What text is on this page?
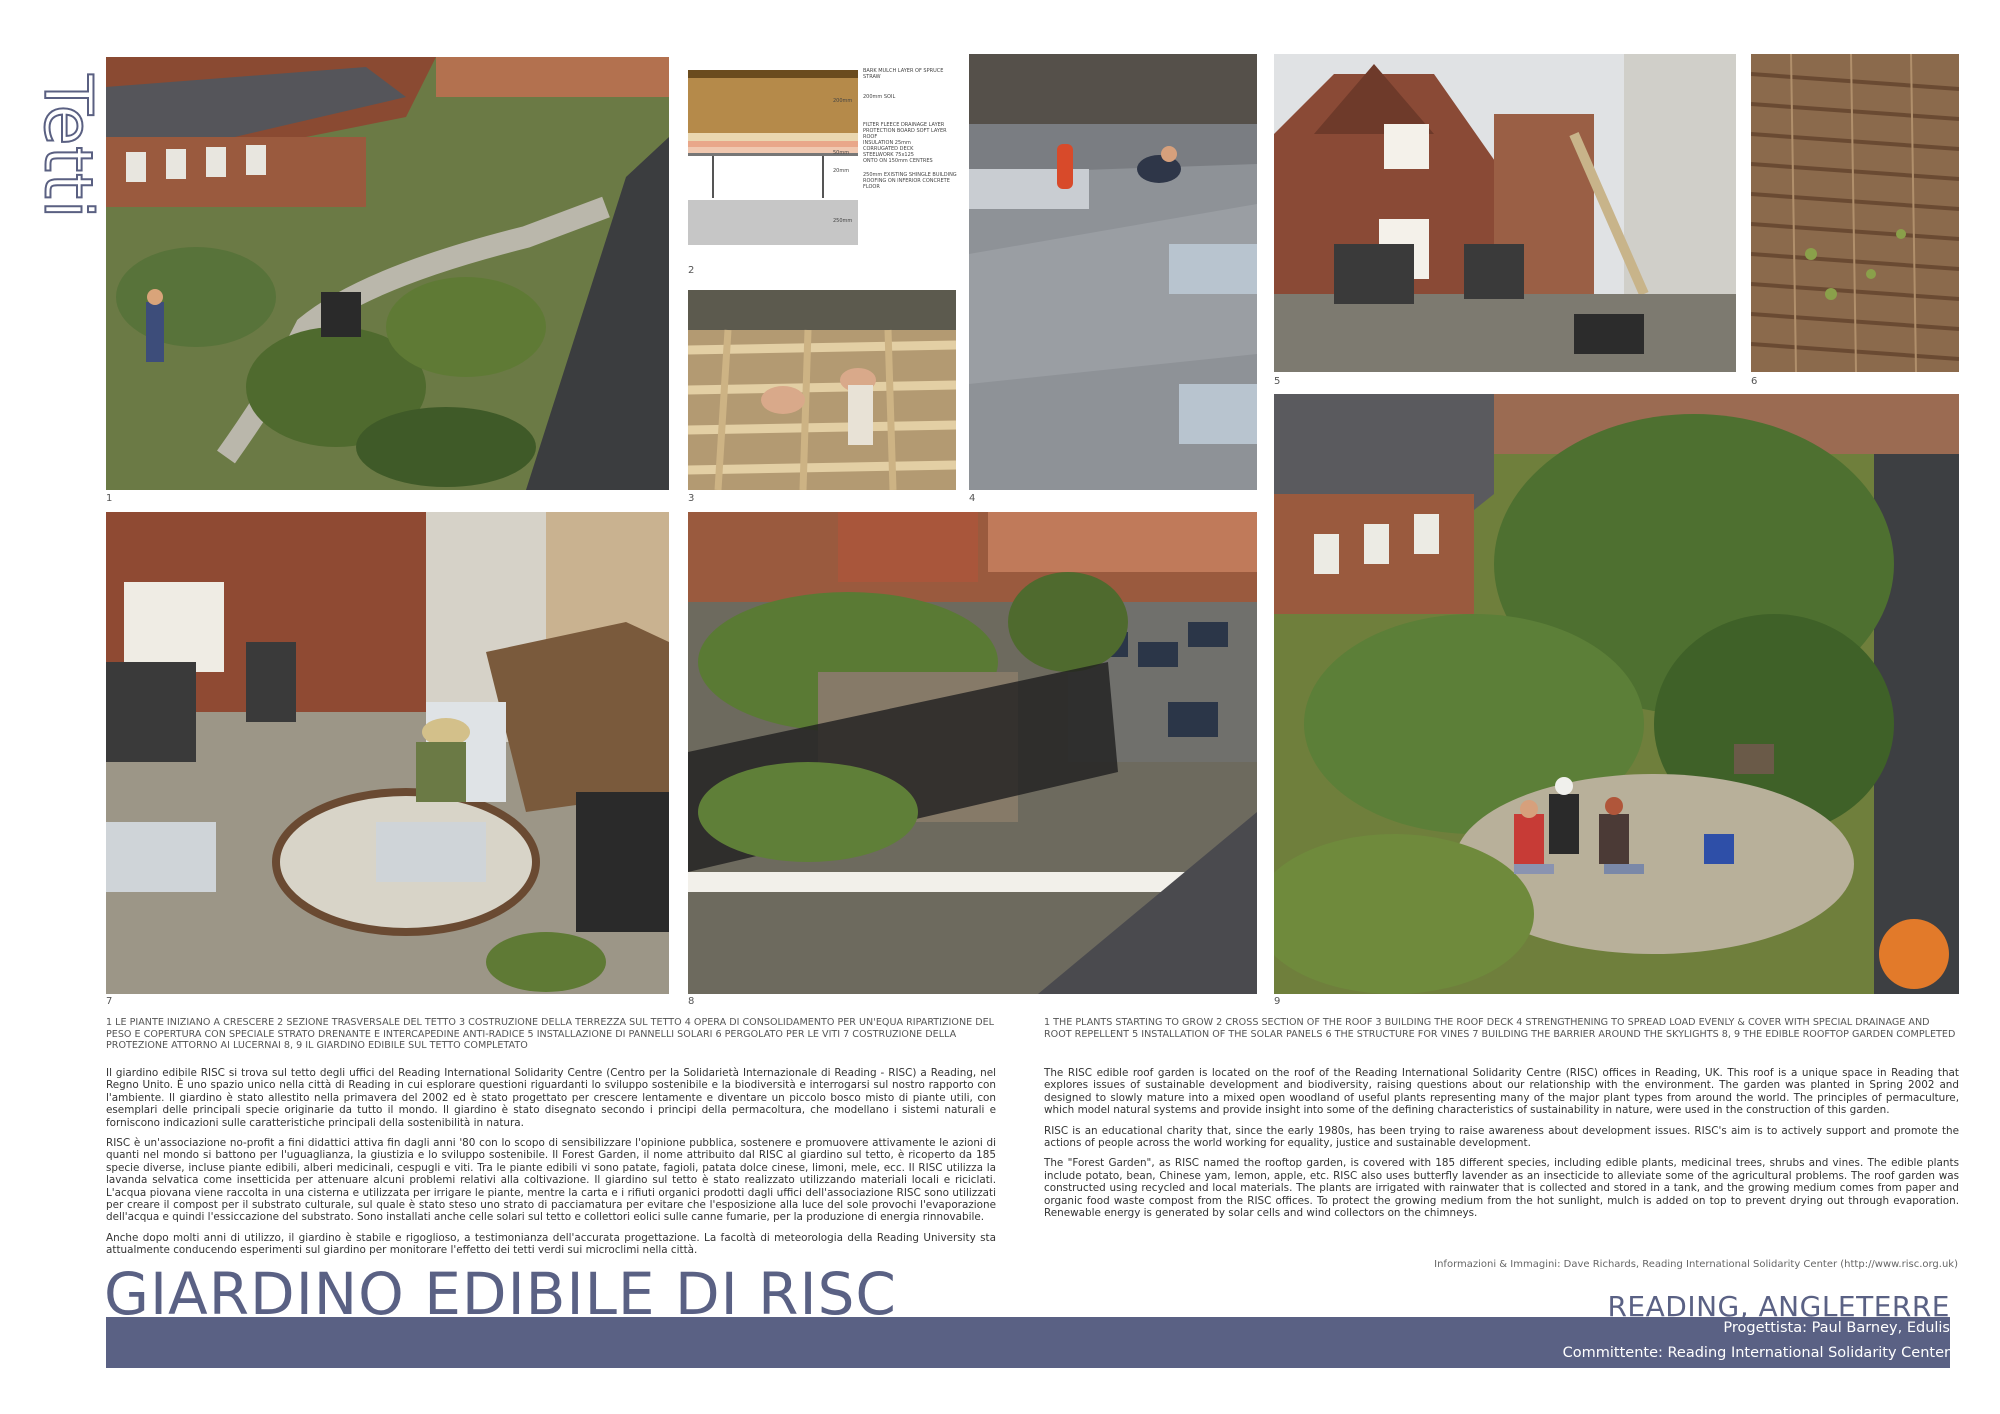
Tetti
1
BARK MULCH LAYER OF SPRUCE STRAW
200mm SOIL
FILTER FLEECE DRAINAGE LAYER
PROTECTION BOARD SOFT LAYER ROOF
INSULATION 25mm
CORRUGATED DECK
STEELWORK 75x125
ONTO ON 150mm CENTRES
250mm EXISTING SHINGLE BUILDING ROOFING ON INFERIOR CONCRETE FLOOR
200mm
50mm
20mm
250mm
2
3	4
5	6
7	8	9
1 LE PIANTE INIZIANO A CRESCERE 2 SEZIONE TRASVERSALE DEL TETTO 3 COSTRUZIONE DELLA TERREZZA SUL TETTO 4 OPERA DI CONSOLIDAMENTO PER UN'EQUA RIPARTIZIONE DEL PESO E COPERTURA CON SPECIALE STRATO DRENANTE E INTERCAPEDINE ANTI-RADICE 5 INSTALLAZIONE DI PANNELLI SOLARI 6 PERGOLATO PER LE VITI 7 COSTRUZIONE DELLA PROTEZIONE ATTORNO AI LUCERNAI 8, 9 IL GIARDINO EDIBILE SUL TETTO COMPLETATO
1 THE PLANTS STARTING TO GROW 2 CROSS SECTION OF THE ROOF 3 BUILDING THE ROOF DECK 4 STRENGTHENING TO SPREAD LOAD EVENLY & COVER WITH SPECIAL DRAINAGE AND ROOT REPELLENT 5 INSTALLATION OF THE SOLAR PANELS 6 THE STRUCTURE FOR VINES 7 BUILDING THE BARRIER AROUND THE SKYLIGHTS 8, 9 THE EDIBLE ROOFTOP GARDEN COMPLETED

Il giardino edibile RISC si trova sul tetto degli uffici del Reading International Solidarity Centre (Centro per la Solidarietà Internazionale di Reading - RISC) a Reading, nel Regno Unito. È uno spazio unico nella città di Reading in cui esplorare questioni riguardanti lo sviluppo sostenibile e la biodiversità e interrogarsi sul nostro rapporto con l'ambiente. Il giardino è stato allestito nella primavera del 2002 ed è stato progettato per crescere lentamente e diventare un piccolo bosco misto di piante utili, con esemplari delle principali specie originarie da tutto il mondo. Il giardino è stato disegnato secondo i principi della permacoltura, che modellano i sistemi naturali e forniscono indicazioni sulle caratteristiche principali della sostenibilità in natura.

RISC è un'associazione no-profit a fini didattici attiva fin dagli anni '80 con lo scopo di sensibilizzare l'opinione pubblica, sostenere e promuovere attivamente le azioni di quanti nel mondo si battono per l'uguaglianza, la giustizia e lo sviluppo sostenibile. Il Forest Garden, il nome attribuito dal RISC al giardino sul tetto, è ricoperto da 185 specie diverse, incluse piante edibili, alberi medicinali, cespugli e viti. Tra le piante edibili vi sono patate, fagioli, patata dolce cinese, limoni, mele, ecc. Il RISC utilizza la lavanda selvatica come insetticida per attenuare alcuni problemi relativi alla coltivazione. Il giardino sul tetto è stato realizzato utilizzando materiali locali e riciclati. L'acqua piovana viene raccolta in una cisterna e utilizzata per irrigare le piante, mentre la carta e i rifiuti organici prodotti dagli uffici dell'associazione RISC sono utilizzati per creare il compost per il substrato culturale, sul quale è stato steso uno strato di pacciamatura per evitare che l'esposizione alla luce del sole provochi l'evaporazione dell'acqua e quindi l'essiccazione del substrato. Sono installati anche celle solari sul tetto e collettori eolici sulle canne fumarie, per la produzione di energia rinnovabile.

Anche dopo molti anni di utilizzo, il giardino è stabile e rigoglioso, a testimonianza dell'accurata progettazione. La facoltà di meteorologia della Reading University sta attualmente conducendo esperimenti sul giardino per monitorare l'effetto dei tetti verdi sui microclimi nella città.

The RISC edible roof garden is located on the roof of the Reading International Solidarity Centre (RISC) offices in Reading, UK. This roof is a unique space in Reading that explores issues of sustainable development and biodiversity, raising questions about our relationship with the environment. The garden was planted in Spring 2002 and designed to slowly mature into a mixed open woodland of useful plants representing many of the major plant types from around the world. The principles of permaculture, which model natural systems and provide insight into some of the defining characteristics of sustainability in nature, were used in the construction of this garden.

RISC is an educational charity that, since the early 1980s, has been trying to raise awareness about development issues. RISC's aim is to actively support and promote the actions of people across the world working for equality, justice and sustainable development.

The "Forest Garden", as RISC named the rooftop garden, is covered with 185 different species, including edible plants, medicinal trees, shrubs and vines. The edible plants include potato, bean, Chinese yam, lemon, apple, etc. RISC also uses butterfly lavender as an insecticide to alleviate some of the agricultural problems. The roof garden was constructed using recycled and local materials. The plants are irrigated with rainwater that is collected and stored in a tank, and the growing medium comes from paper and organic food waste compost from the RISC offices. To protect the growing medium from the hot sunlight, mulch is added on top to prevent drying out through evaporation. Renewable energy is generated by solar cells and wind collectors on the chimneys.

Informazioni & Immagini: Dave Richards, Reading International Solidarity Center (http://www.risc.org.uk)
GIARDINO EDIBILE DI RISC	READING, ANGLETERRE
Progettista: Paul Barney, Edulis
Committente: Reading International Solidarity Center
